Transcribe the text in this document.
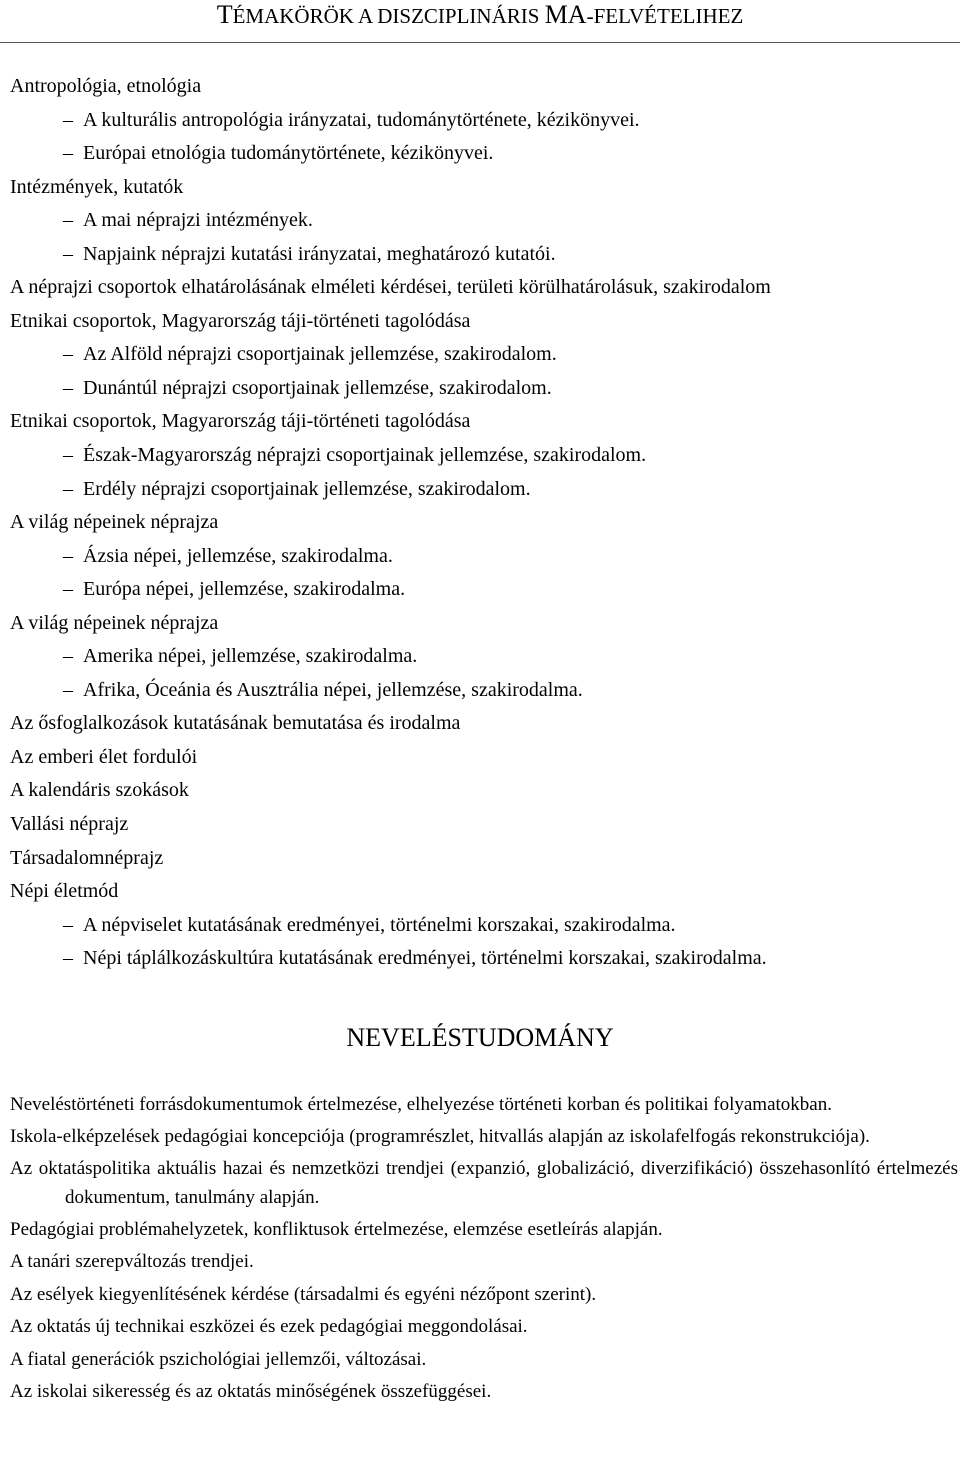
TÉMAKÖRÖK A DISZCIPLINÁRIS MA-FELVÉTELIHEZ
Antropológia, etnológia
– A kulturális antropológia irányzatai, tudománytörténete, kézikönyvei.
– Európai etnológia tudománytörténete, kézikönyvei.
Intézmények, kutatók
– A mai néprajzi intézmények.
– Napjaink néprajzi kutatási irányzatai, meghatározó kutatói.
A néprajzi csoportok elhatárolásának elméleti kérdései, területi körülhatárolásuk, szakirodalom
Etnikai csoportok, Magyarország táji-történeti tagolódása
– Az Alföld néprajzi csoportjainak jellemzése, szakirodalom.
– Dunántúl néprajzi csoportjainak jellemzése, szakirodalom.
Etnikai csoportok, Magyarország táji-történeti tagolódása
– Észak-Magyarország néprajzi csoportjainak jellemzése, szakirodalom.
– Erdély néprajzi csoportjainak jellemzése, szakirodalom.
A világ népeinek néprajza
– Ázsia népei, jellemzése, szakirodalma.
– Európa népei, jellemzése, szakirodalma.
A világ népeinek néprajza
– Amerika népei, jellemzése, szakirodalma.
– Afrika, Óceánia és Ausztrália népei, jellemzése, szakirodalma.
Az ősfoglalkozások kutatásának bemutatása és irodalma
Az emberi élet fordulói
A kalendáris szokások
Vallási néprajz
Társadalomnéprajz
Népi életmód
– A népviselet kutatásának eredményei, történelmi korszakai, szakirodalma.
– Népi táplálkozáskultúra kutatásának eredményei, történelmi korszakai, szakirodalma.
NEVELÉSTUDOMÁNY
Neveléstörténeti forrásdokumentumok értelmezése, elhelyezése történeti korban és politikai folyamatokban.
Iskola-elképzelések pedagógiai koncepciója (programrészlet, hitvallás alapján az iskolafelfogás rekonstrukciója).
Az oktatáspolitika aktuális hazai és nemzetközi trendjei (expanzió, globalizáció, diverzifikáció) összehasonlító értelmezés dokumentum, tanulmány alapján.
Pedagógiai problémahelyzetek, konfliktusok értelmezése, elemzése esetleírás alapján.
A tanári szerepváltozás trendjei.
Az esélyek kiegyenlítésének kérdése (társadalmi és egyéni nézőpont szerint).
Az oktatás új technikai eszközei és ezek pedagógiai meggondolásai.
A fiatal generációk pszichológiai jellemzői, változásai.
Az iskolai sikeresség és az oktatás minőségének összefüggései.
